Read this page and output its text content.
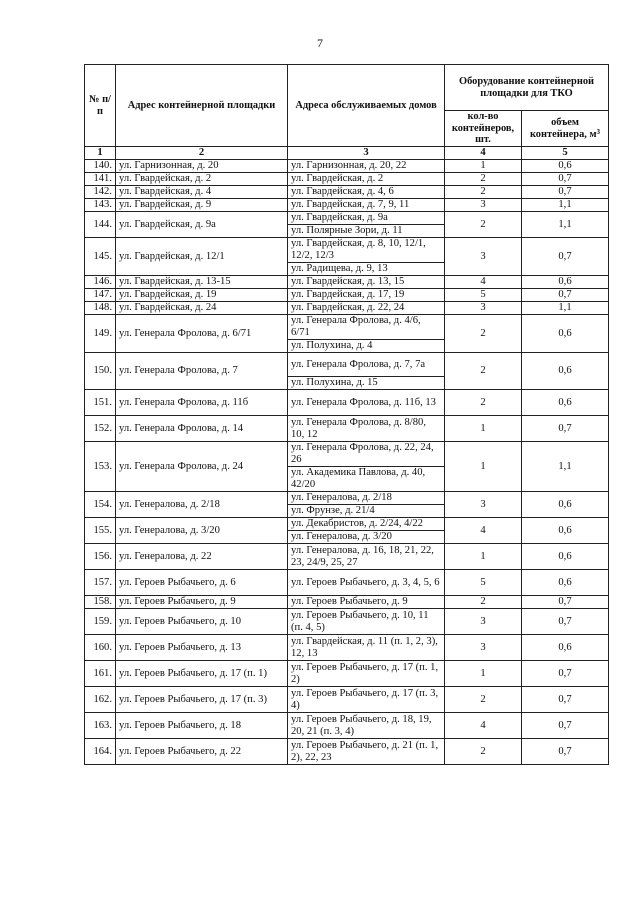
7
№ п/п	Адрес контейнерной площадки	Адреса обслуживаемых домов	Оборудование контейнерной площадки для ТКО	
			кол-во контейнеров, шт.	объем контейнера, $м^3$
1	2	3	4	5
140.	ул. Гарнизонная, д. 20	ул. Гарнизонная, д. 20, 22	1	0,6
141.	ул. Гвардейская, д. 2	ул. Гвардейская, д. 2	2	0,7
142.	ул. Гвардейская, д. 4	ул. Гвардейская, д. 4, 6	2	0,7
143.	ул. Гвардейская, д. 9	ул. Гвардейская, д. 7, 9, 11	3	1,1
144.	ул. Гвардейская, д. 9а	ул. Гвардейская, д. 9а	2	1,1
		ул. Полярные Зори, д. 11		
145.	ул. Гвардейская, д. 12/1	ул. Гвардейская, д. 8, 10, 12/1, 12/2, 12/3	3	0,7
		ул. Радищева, д. 9, 13		
146.	ул. Гвардейская, д. 13-15	ул. Гвардейская, д. 13, 15	4	0,6
147.	ул. Гвардейская, д. 19	ул. Гвардейская, д. 17, 19	5	0,7
148.	ул. Гвардейская, д. 24	ул. Гвардейская, д. 22, 24	3	1,1
149.	ул. Генерала Фролова, д. 6/71	ул. Генерала Фролова, д. 4/6, 6/71	2	0,6
		ул. Полухина, д. 4		
150.	ул. Генерала Фролова, д. 7	ул. Генерала Фролова, д. 7, 7а	2	0,6
		ул. Полухина, д. 15		
151.	ул. Генерала Фролова, д. 11б	ул. Генерала Фролова, д. 11б, 13	2	0,6
152.	ул. Генерала Фролова, д. 14	ул. Генерала Фролова, д. 8/80, 10, 12	1	0,7
153.	ул. Генерала Фролова, д. 24	ул. Генерала Фролова, д. 22, 24, 26	1	1,1
		ул. Академика Павлова, д. 40, 42/20		
154.	ул. Генералова, д. 2/18	ул. Генералова, д. 2/18	3	0,6
		ул. Фрунзе, д. 21/4		
155.	ул. Генералова, д. 3/20	ул. Декабристов, д. 2/24, 4/22	4	0,6
		ул. Генералова, д. 3/20		
156.	ул. Генералова, д. 22	ул. Генералова, д. 16, 18, 21, 22, 23, 24/9, 25, 27	1	0,6
157.	ул. Героев Рыбачьего, д. 6	ул. Героев Рыбачьего, д. 3, 4, 5, 6	5	0,6
158.	ул. Героев Рыбачьего, д. 9	ул. Героев Рыбачьего, д. 9	2	0,7
159.	ул. Героев Рыбачьего, д. 10	ул. Героев Рыбачьего, д. 10, 11 (п. 4, 5)	3	0,7
160.	ул. Героев Рыбачьего, д. 13	ул. Гвардейская, д. 11 (п. 1, 2, 3), 12, 13	3	0,6
161.	ул. Героев Рыбачьего, д. 17 (п. 1)	ул. Героев Рыбачьего, д. 17 (п. 1, 2)	1	0,7
162.	ул. Героев Рыбачьего, д. 17 (п. 3)	ул. Героев Рыбачьего, д. 17 (п. 3, 4)	2	0,7
163.	ул. Героев Рыбачьего, д. 18	ул. Героев Рыбачьего, д. 18, 19, 20, 21 (п. 3, 4)	4	0,7
164.	ул. Героев Рыбачьего, д. 22	ул. Героев Рыбачьего, д. 21 (п. 1, 2), 22, 23	2	0,7
